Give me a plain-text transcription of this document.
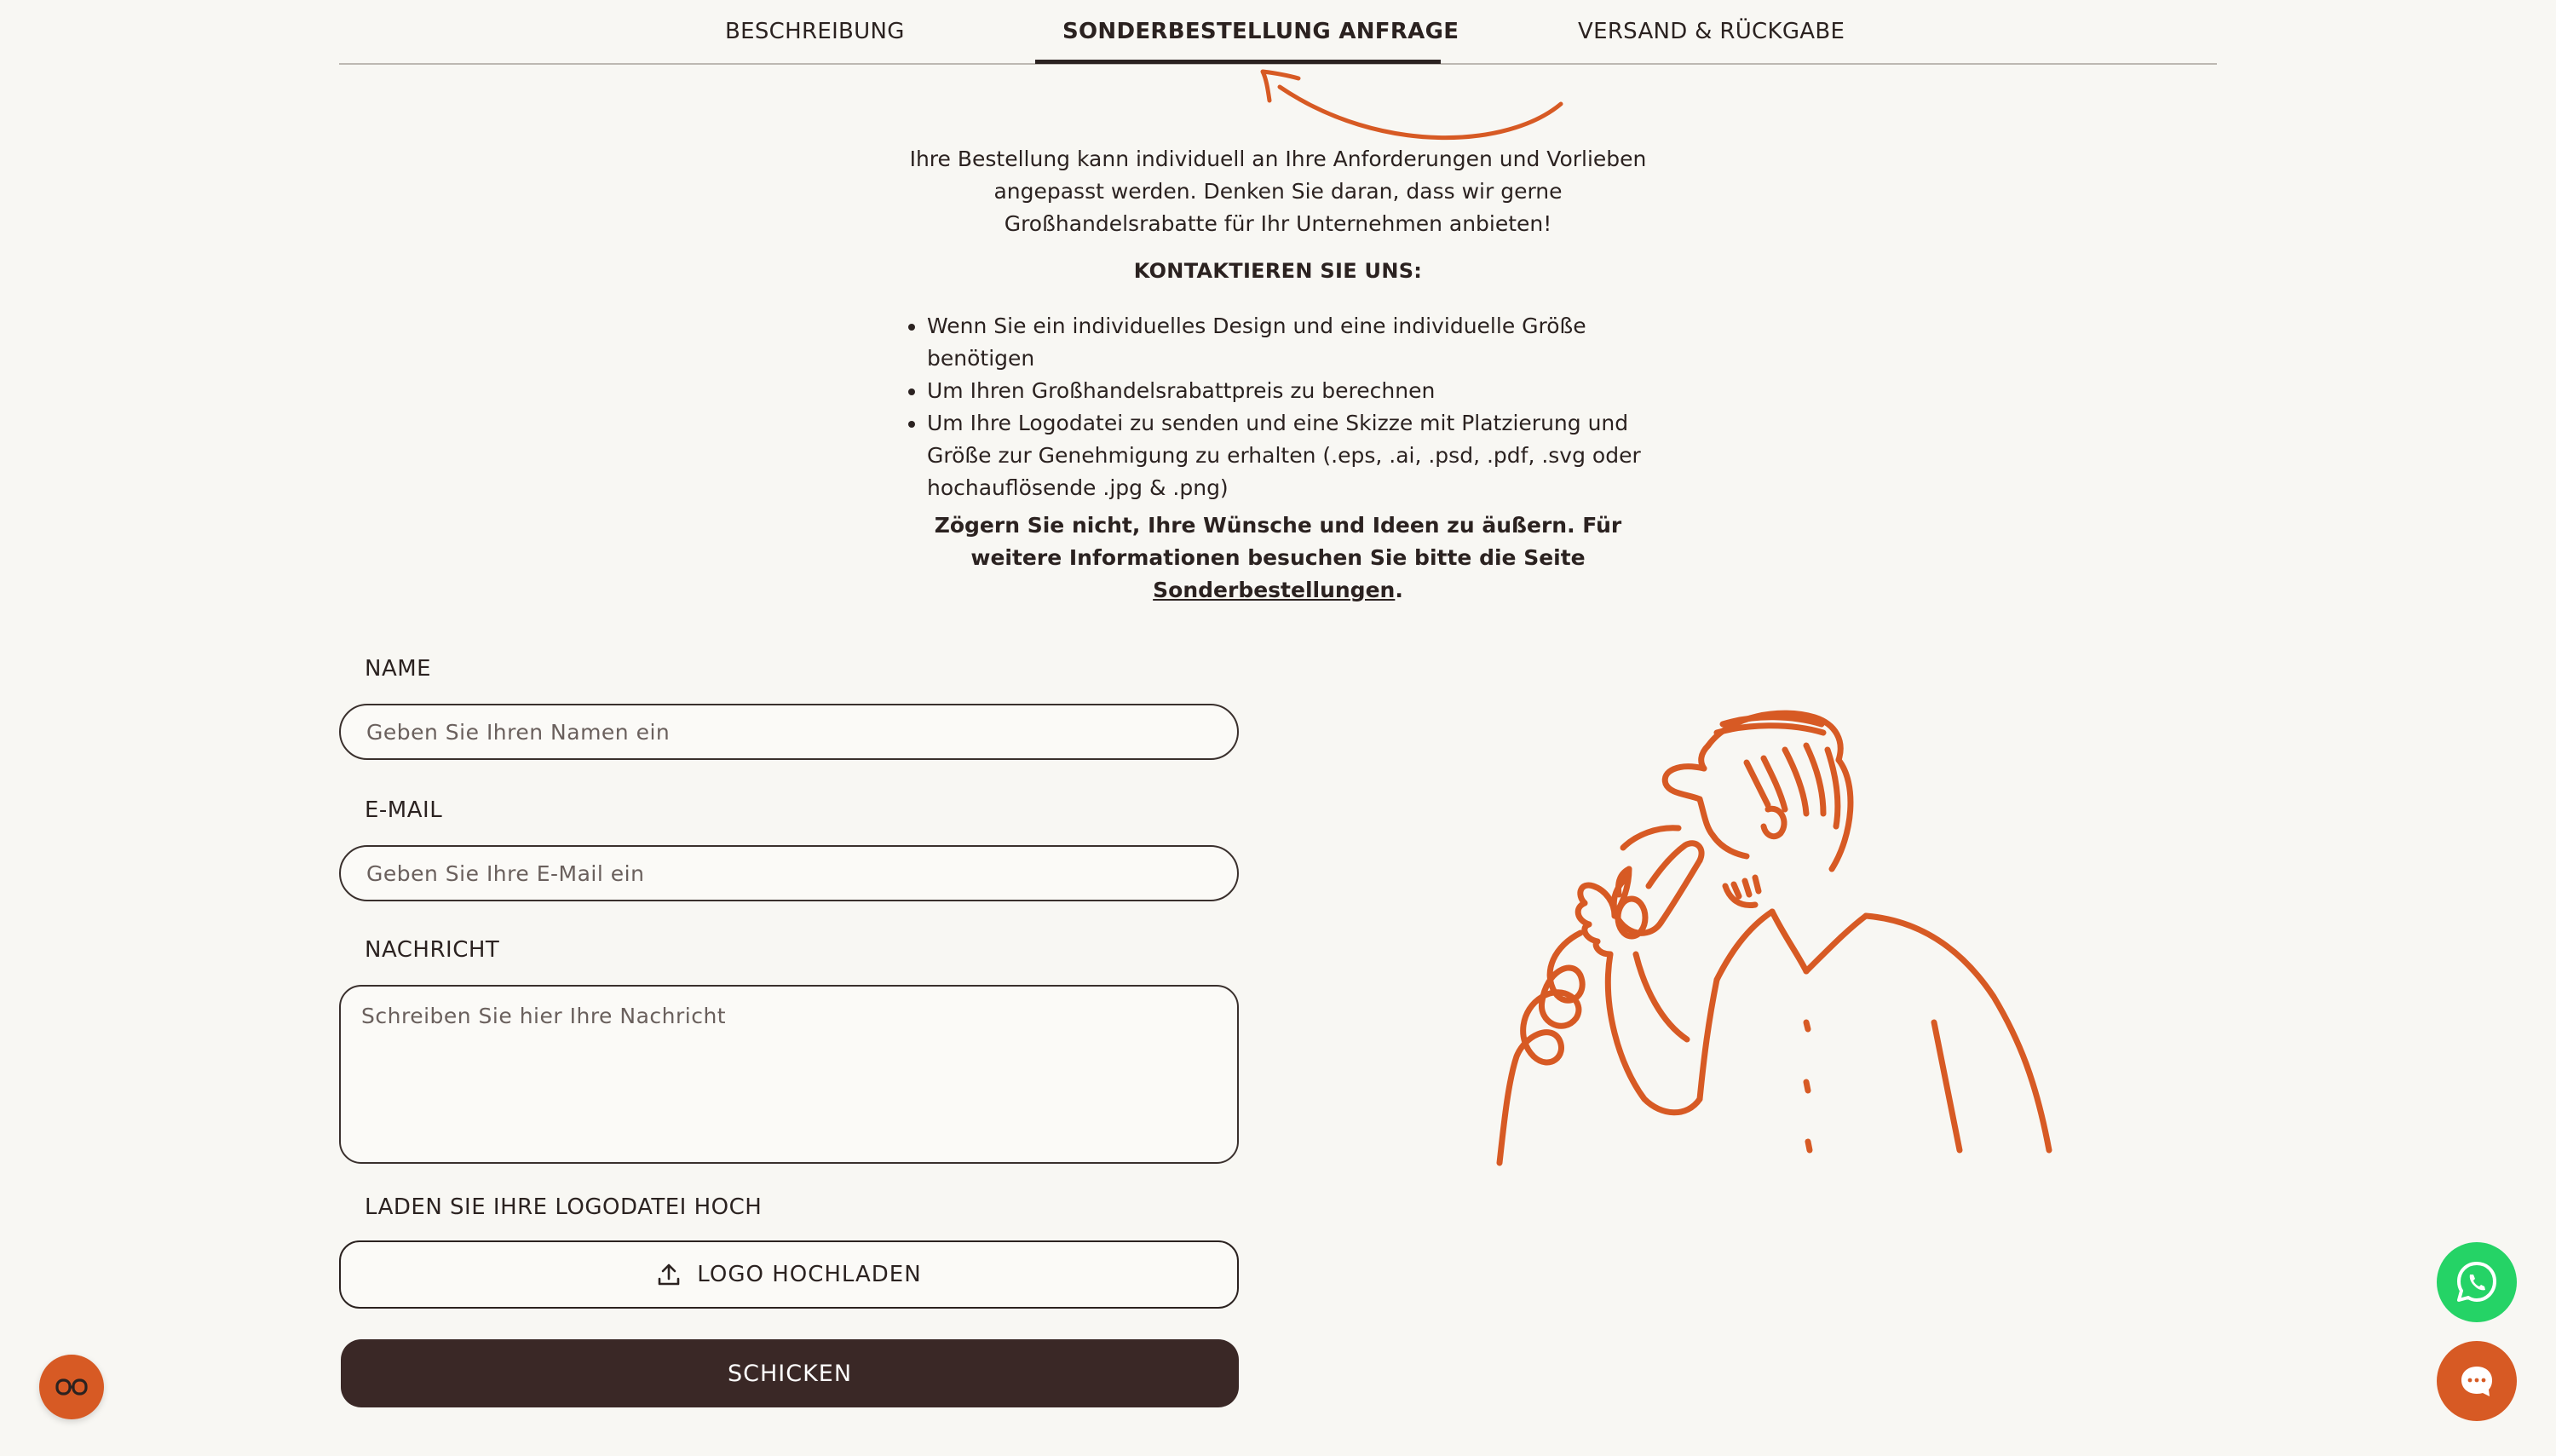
BESCHREIBUNG	SONDERBESTELLUNG ANFRAGE	VERSAND & RÜCKGABE
Ihre Bestellung kann individuell an Ihre Anforderungen und Vorlieben angepasst werden. Denken Sie daran, dass wir gerne Großhandelsrabatte für Ihr Unternehmen anbieten!
KONTAKTIEREN SIE UNS:
• Wenn Sie ein individuelles Design und eine individuelle Größe benötigen
• Um Ihren Großhandelsrabattpreis zu berechnen
• Um Ihre Logodatei zu senden und eine Skizze mit Platzierung und Größe zur Genehmigung zu erhalten (.eps, .ai, .psd, .pdf, .svg oder hochauflösende .jpg & .png)
Zögern Sie nicht, Ihre Wünsche und Ideen zu äußern. Für weitere Informationen besuchen Sie bitte die Seite Sonderbestellungen.
NAME
Geben Sie Ihren Namen ein
E-MAIL
Geben Sie Ihre E-Mail ein
NACHRICHT
Schreiben Sie hier Ihre Nachricht
LADEN SIE IHRE LOGODATEI HOCH
LOGO HOCHLADEN
SCHICKEN
